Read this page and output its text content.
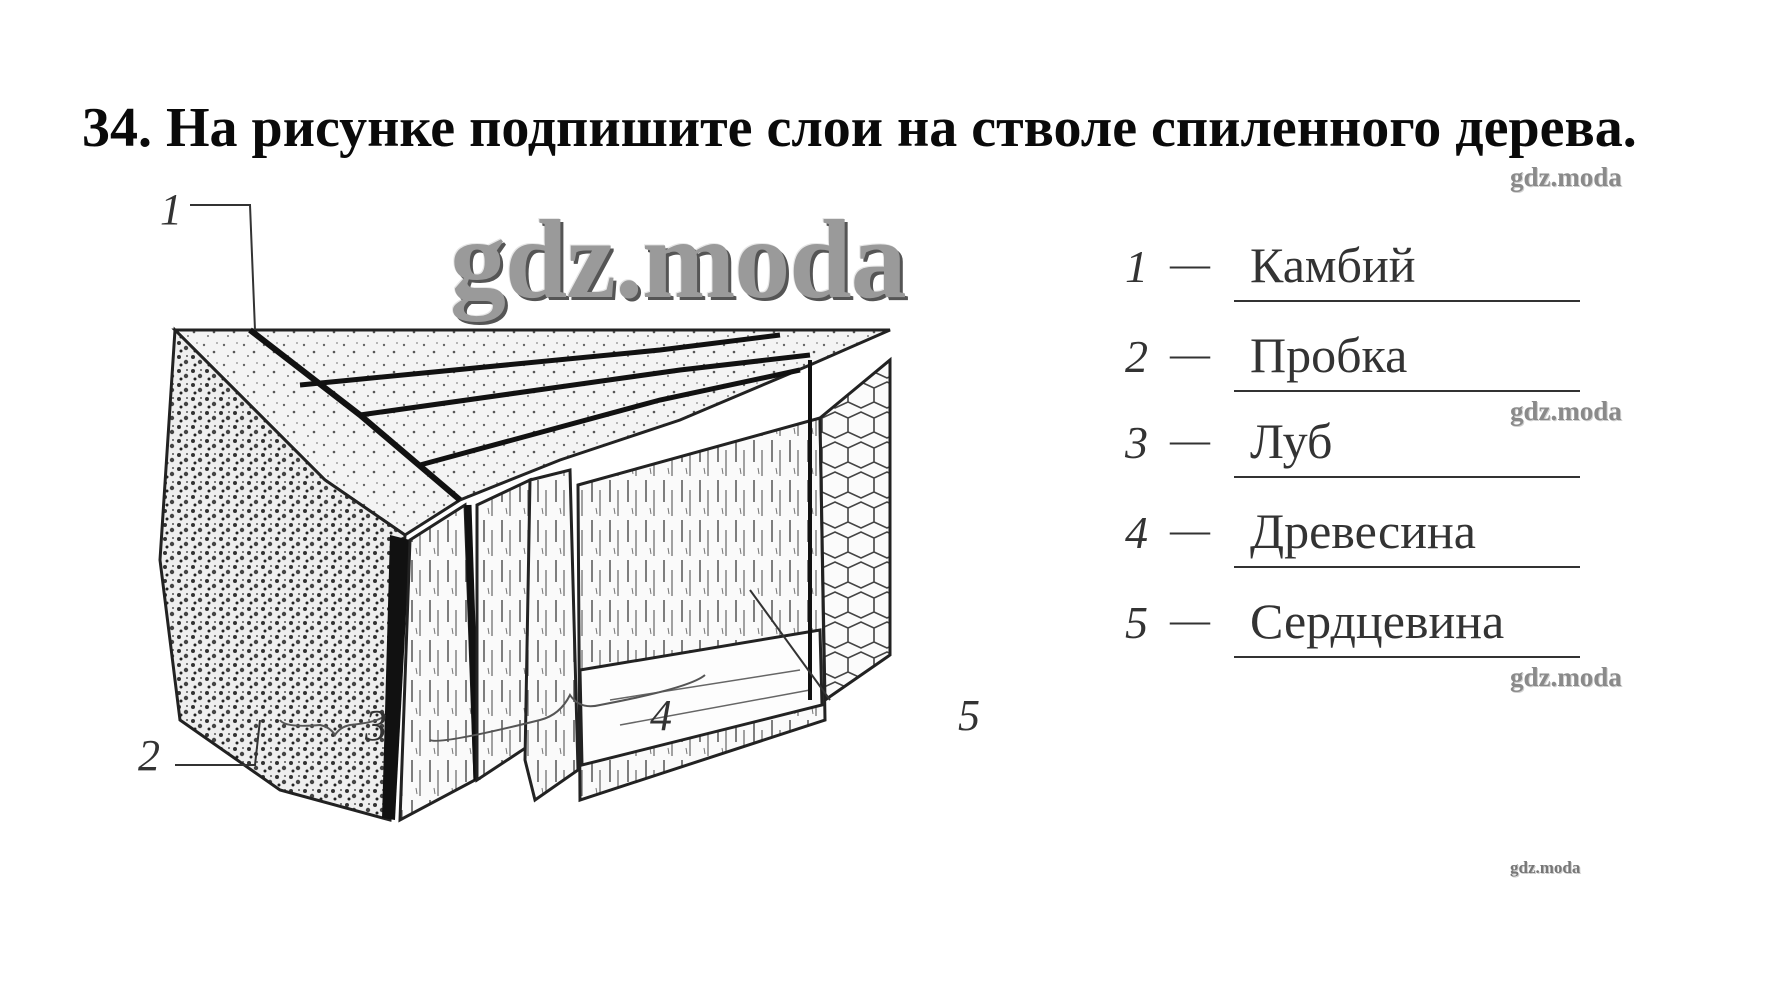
34. На рисунке подпишите слои на стволе спиленного дерева.
gdz.moda
gdz.moda
gdz.moda
gdz.moda
1
2
3	4	5
gdz.moda	1 — Камбий
2 — Пробка
3 — Луб
4 — Древесина
5 — Сердцевина
